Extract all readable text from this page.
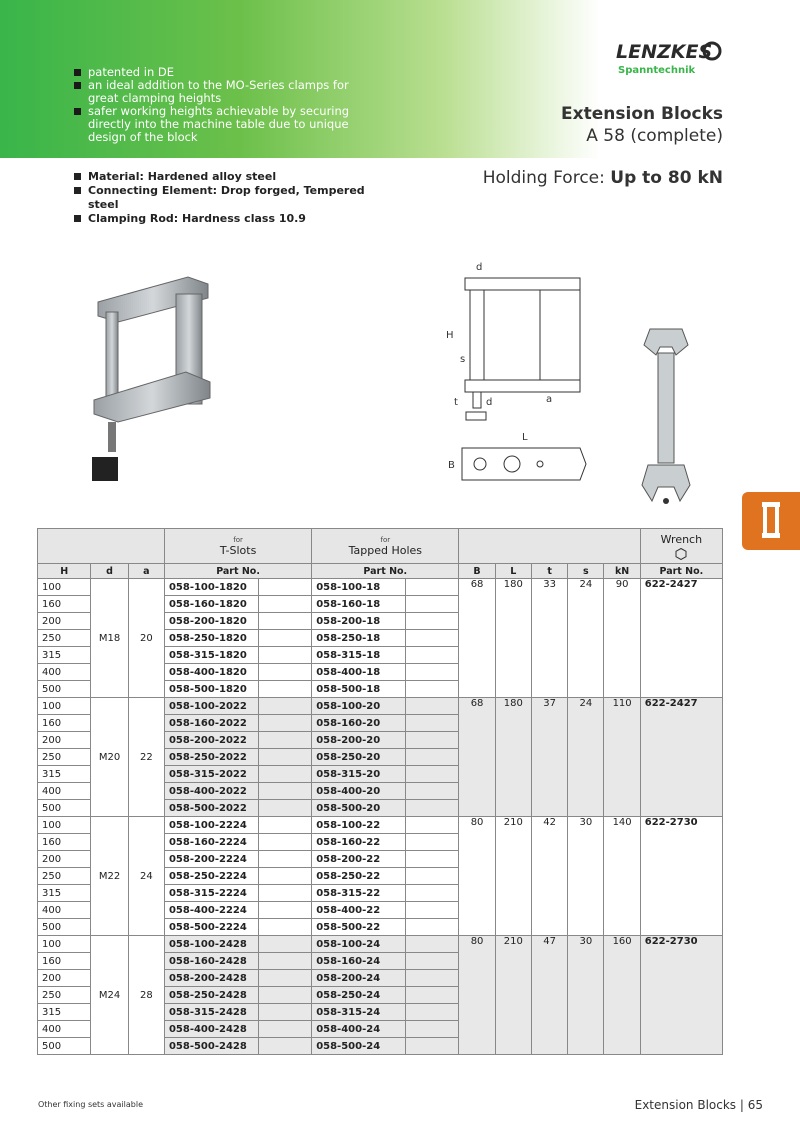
patented in DE
an ideal addition to the MO-Series clamps for great clamping heights
safer working heights achievable by securing directly into the machine table due to unique design of the block
LENZKES
Spanntechnik
Extension Blocks
A 58 (complete)
Material: Hardened alloy steel
Connecting Element: Drop forged, Tempered steel
Clamping Rod: Hardness class 10.9
Holding Force: Up to 80 kN
d
H
s
t	d	a
L
B

			for
T-Slots		for
Tapped Holes							Wrench

H	d	a	Part No.		Part No.		B	L	t	s	kN	Part No.
100	M18	20	058-100-1820		058-100-18		68	180	33	24	90	622-2427
160			058-160-1820		058-160-18							
200			058-200-1820		058-200-18							
250			058-250-1820		058-250-18							
315			058-315-1820		058-315-18							
400			058-400-1820		058-400-18							
500			058-500-1820		058-500-18							
100	M20	22	058-100-2022		058-100-20		68	180	37	24	110	622-2427
160			058-160-2022		058-160-20							
200			058-200-2022		058-200-20							
250			058-250-2022		058-250-20							
315			058-315-2022		058-315-20							
400			058-400-2022		058-400-20							
500			058-500-2022		058-500-20							
100	M22	24	058-100-2224		058-100-22		80	210	42	30	140	622-2730
160			058-160-2224		058-160-22							
200			058-200-2224		058-200-22							
250			058-250-2224		058-250-22							
315			058-315-2224		058-315-22							
400			058-400-2224		058-400-22							
500			058-500-2224		058-500-22							
100	M24	28	058-100-2428		058-100-24		80	210	47	30	160	622-2730
160			058-160-2428		058-160-24							
200			058-200-2428		058-200-24							
250			058-250-2428		058-250-24							
315			058-315-2428		058-315-24							
400			058-400-2428		058-400-24							
500			058-500-2428		058-500-24							
Other fixing sets available	Extension Blocks | 65
